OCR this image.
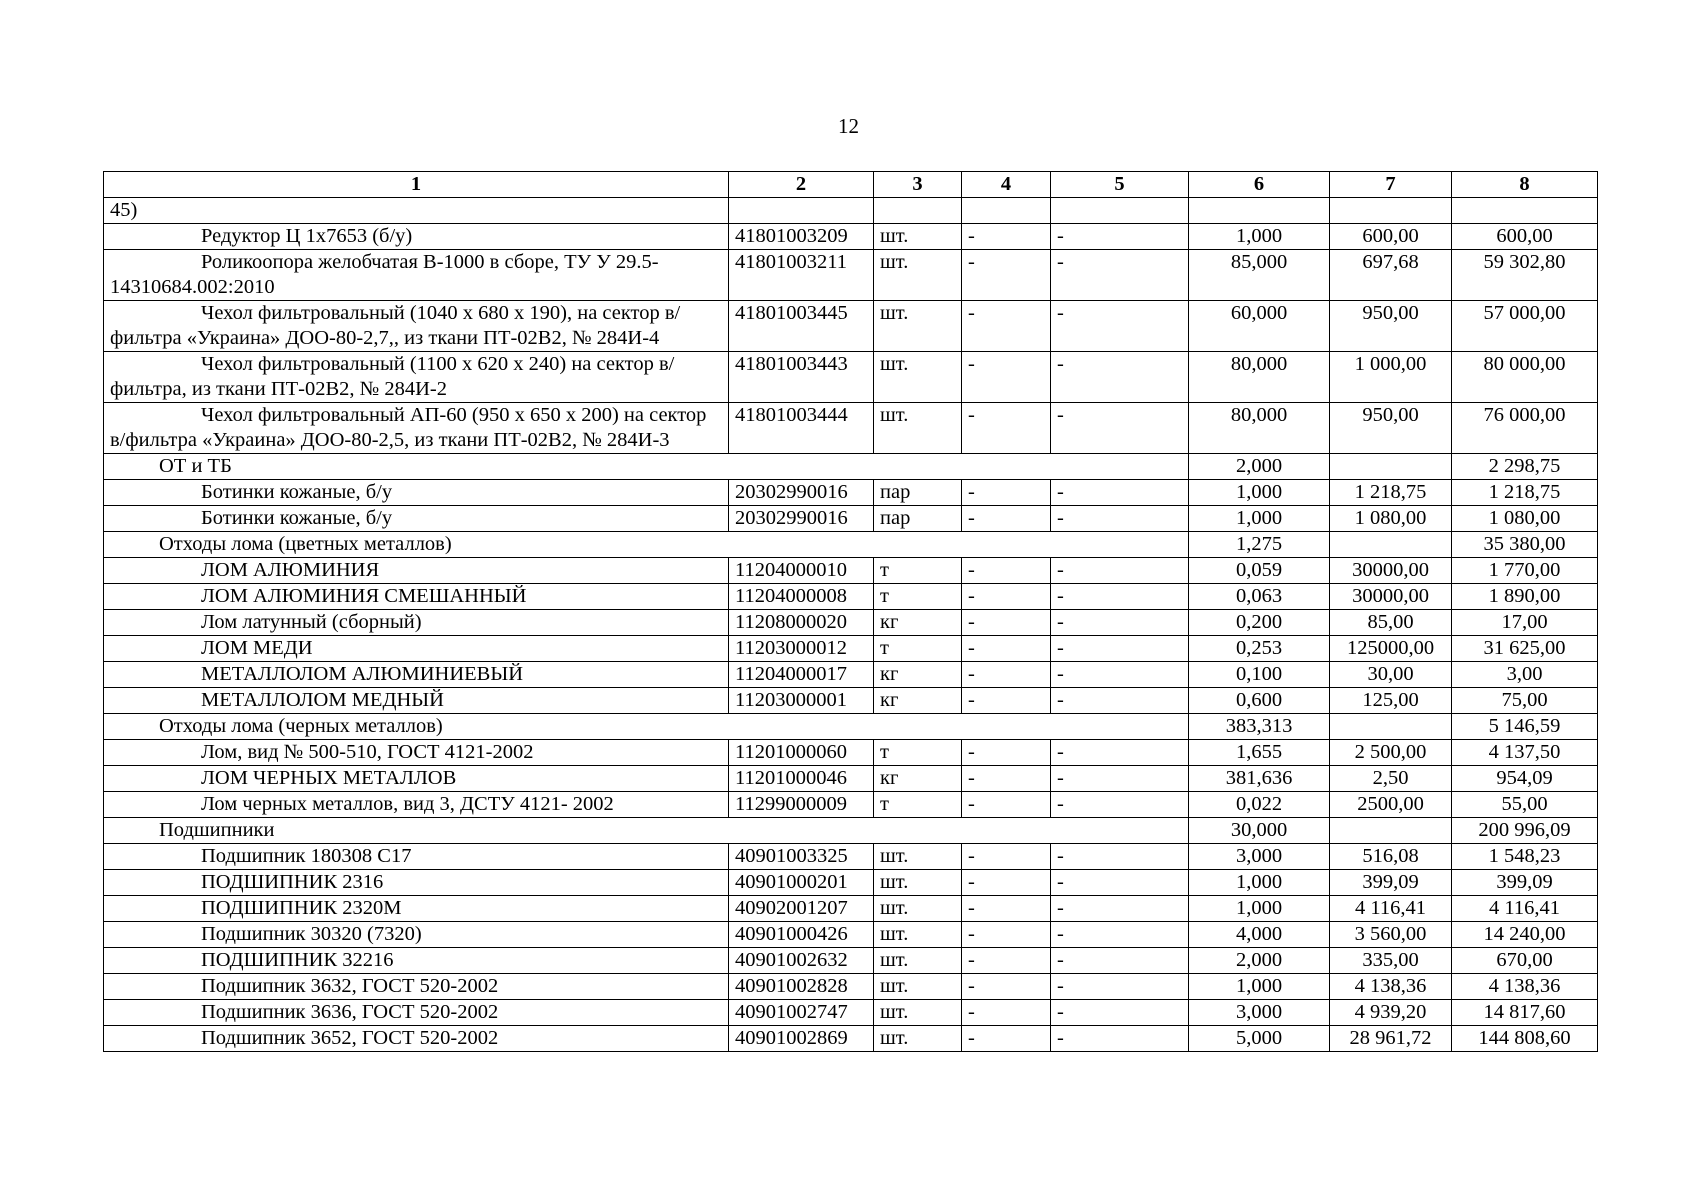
12
1	2	3	4	5	6	7	8
45)							
Редуктор Ц 1х7653 (б/у)	41801003209	шт.	-	-	1,000	600,00	600,00
Роликоопора желобчатая В-1000 в сборе, ТУ У 29.5-14310684.002:2010	41801003211	шт.	-	-	85,000	697,68	59 302,80
Чехол фильтровальный (1040 х 680 х 190), на сектор в/фильтра «Украина» ДОО-80-2,7,, из ткани ПТ-02В2, № 284И-4	41801003445	шт.	-	-	60,000	950,00	57 000,00
Чехол фильтровальный (1100 х 620 х 240) на сектор в/фильтра, из ткани ПТ-02В2, № 284И-2	41801003443	шт.	-	-	80,000	1 000,00	80 000,00
Чехол фильтровальный АП-60 (950 х 650 х 200) на сектор в/фильтра «Украина» ДОО-80-2,5, из ткани ПТ-02В2, № 284И-3	41801003444	шт.	-	-	80,000	950,00	76 000,00
ОТ и ТБ					2,000		2 298,75
Ботинки кожаные, б/у	20302990016	пар	-	-	1,000	1 218,75	1 218,75
Ботинки кожаные, б/у	20302990016	пар	-	-	1,000	1 080,00	1 080,00
Отходы лома (цветных металлов)					1,275		35 380,00
ЛОМ АЛЮМИНИЯ	11204000010	т	-	-	0,059	30000,00	1 770,00
ЛОМ АЛЮМИНИЯ СМЕШАННЫЙ	11204000008	т	-	-	0,063	30000,00	1 890,00
Лом латунный (сборный)	11208000020	кг	-	-	0,200	85,00	17,00
ЛОМ МЕДИ	11203000012	т	-	-	0,253	125000,00	31 625,00
МЕТАЛЛОЛОМ АЛЮМИНИЕВЫЙ	11204000017	кг	-	-	0,100	30,00	3,00
МЕТАЛЛОЛОМ МЕДНЫЙ	11203000001	кг	-	-	0,600	125,00	75,00
Отходы лома (черных металлов)					383,313		5 146,59
Лом, вид № 500-510, ГОСТ 4121-2002	11201000060	т	-	-	1,655	2 500,00	4 137,50
ЛОМ ЧЕРНЫХ МЕТАЛЛОВ	11201000046	кг	-	-	381,636	2,50	954,09
Лом черных металлов, вид 3, ДСТУ 4121- 2002	11299000009	т	-	-	0,022	2500,00	55,00
Подшипники					30,000		200 996,09
Подшипник 180308 С17	40901003325	шт.	-	-	3,000	516,08	1 548,23
ПОДШИПНИК 2316	40901000201	шт.	-	-	1,000	399,09	399,09
ПОДШИПНИК 2320М	40902001207	шт.	-	-	1,000	4 116,41	4 116,41
Подшипник 30320 (7320)	40901000426	шт.	-	-	4,000	3 560,00	14 240,00
ПОДШИПНИК 32216	40901002632	шт.	-	-	2,000	335,00	670,00
Подшипник 3632, ГОСТ 520-2002	40901002828	шт.	-	-	1,000	4 138,36	4 138,36
Подшипник 3636, ГОСТ 520-2002	40901002747	шт.	-	-	3,000	4 939,20	14 817,60
Подшипник 3652, ГОСТ 520-2002	40901002869	шт.	-	-	5,000	28 961,72	144 808,60
